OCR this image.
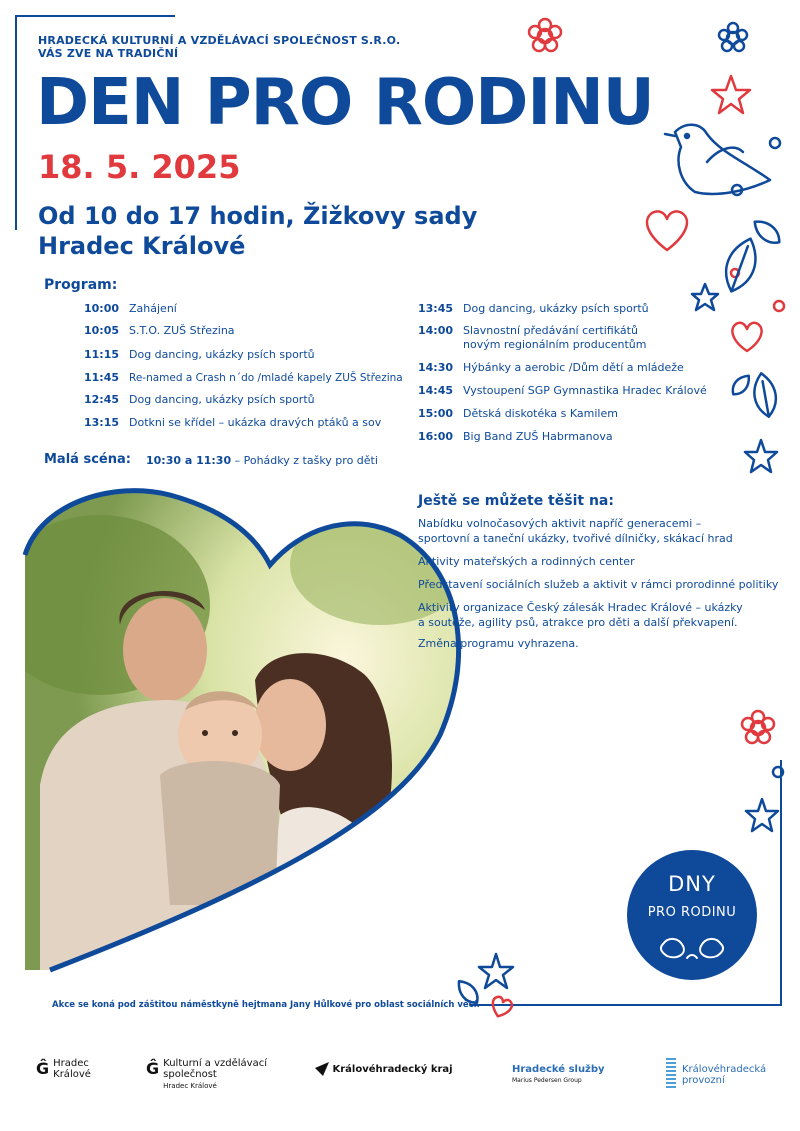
HRADECKÁ KULTURNÍ A VZDĚLÁVACÍ SPOLEČNOST S.R.O.
VÁS ZVE NA TRADIČNÍ
DEN PRO RODINU
18. 5. 2025
Od 10 do 17 hodin, Žižkovy sady
Hradec Králové
Program:
10:00 Zahájení
10:05 S.T.O. ZUŠ Střezina
11:15 Dog dancing, ukázky psích sportů
11:45 Re-named a Crash n´do /mladé kapely ZUŠ Střezina
12:45 Dog dancing, ukázky psích sportů
13:15 Dotkni se křídel – ukázka dravých ptáků a sov
13:45 Dog dancing, ukázky psích sportů
14:00 Slavnostní předávání certifikátů
novým regionálním producentům
14:30 Hýbánky a aerobic /Dům dětí a mládeže
14:45 Vystoupení SGP Gymnastika Hradec Králové
15:00 Dětská diskotéka s Kamilem
16:00 Big Band ZUŠ Habrmanova
Malá scéna: 10:30 a 11:30 – Pohádky z tašky pro děti
Ještě se můžete těšit na:
Nabídku volnočasových aktivit napříč generacemi – sportovní a taneční ukázky, tvořivé dílničky, skákací hrad
Aktivity mateřských a rodinných center
Představení sociálních služeb a aktivit v rámci prorodinné politiky
Aktivity organizace Český zálesák Hradec Králové – ukázky a soutěže, agility psů, atrakce pro děti a další překvapení.
Změna programu vyhrazena.
DNY
PRO RODINU
Akce se koná pod záštitou náměstkyně hejtmana Jany Hůlkové pro oblast sociálních věcí.
Ĝ Hradec
Králové	Ĝ Kulturní a vzdělávací
společnost
Hradec Králové
Královéhradecký kraj	Hradecké služby
Marius Pedersen Group
Královéhradecká
provozní
